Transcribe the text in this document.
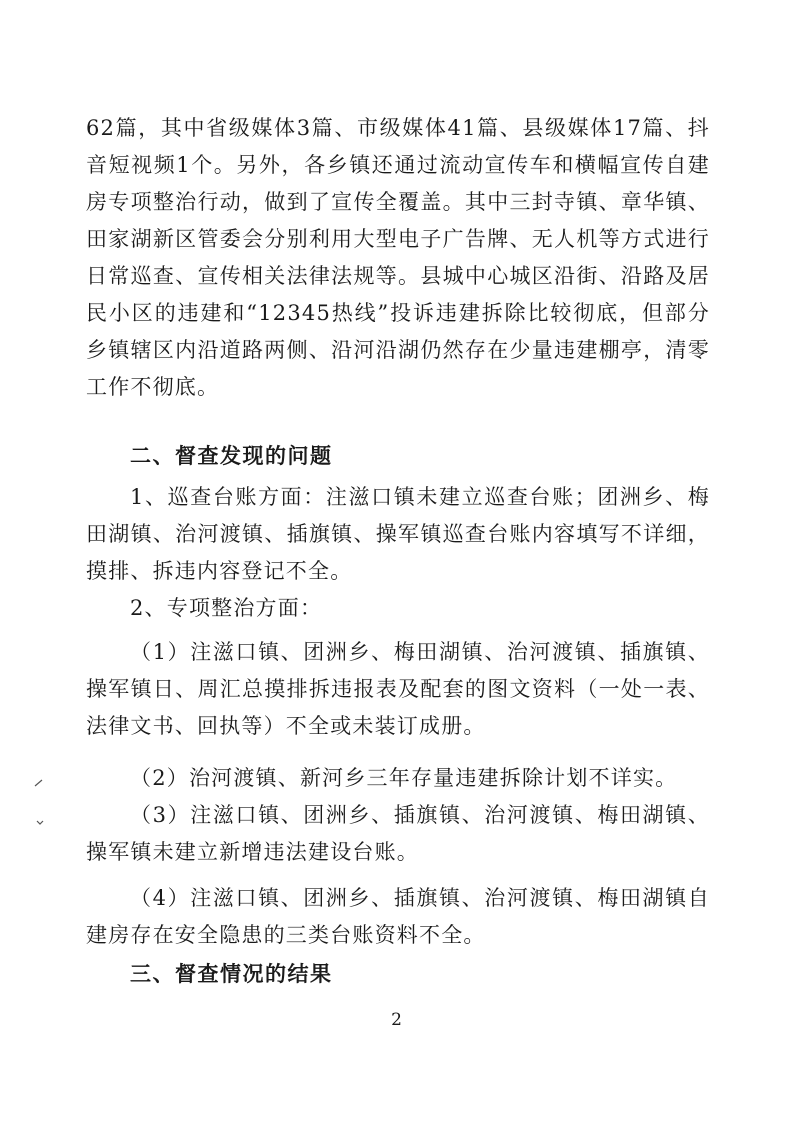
62篇，其中省级媒体3篇、市级媒体41篇、县级媒体17篇、抖音短视频1个。另外，各乡镇还通过流动宣传车和横幅宣传自建房专项整治行动，做到了宣传全覆盖。其中三封寺镇、章华镇、田家湖新区管委会分别利用大型电子广告牌、无人机等方式进行日常巡查、宣传相关法律法规等。县城中心城区沿街、沿路及居民小区的违建和“12345热线”投诉违建拆除比较彻底，但部分乡镇辖区内沿道路两侧、沿河沿湖仍然存在少量违建棚亭，清零工作不彻底。

二、督查发现的问题

1、巡查台账方面：注滋口镇未建立巡查台账；团洲乡、梅田湖镇、治河渡镇、插旗镇、操军镇巡查台账内容填写不详细，摸排、拆违内容登记不全。

2、专项整治方面：

（1）注滋口镇、团洲乡、梅田湖镇、治河渡镇、插旗镇、操军镇日、周汇总摸排拆违报表及配套的图文资料（一处一表、法律文书、回执等）不全或未装订成册。

（2）治河渡镇、新河乡三年存量违建拆除计划不详实。

（3）注滋口镇、团洲乡、插旗镇、治河渡镇、梅田湖镇、操军镇未建立新增违法建设台账。

（4）注滋口镇、团洲乡、插旗镇、治河渡镇、梅田湖镇自建房存在安全隐患的三类台账资料不全。

三、督查情况的结果
2
